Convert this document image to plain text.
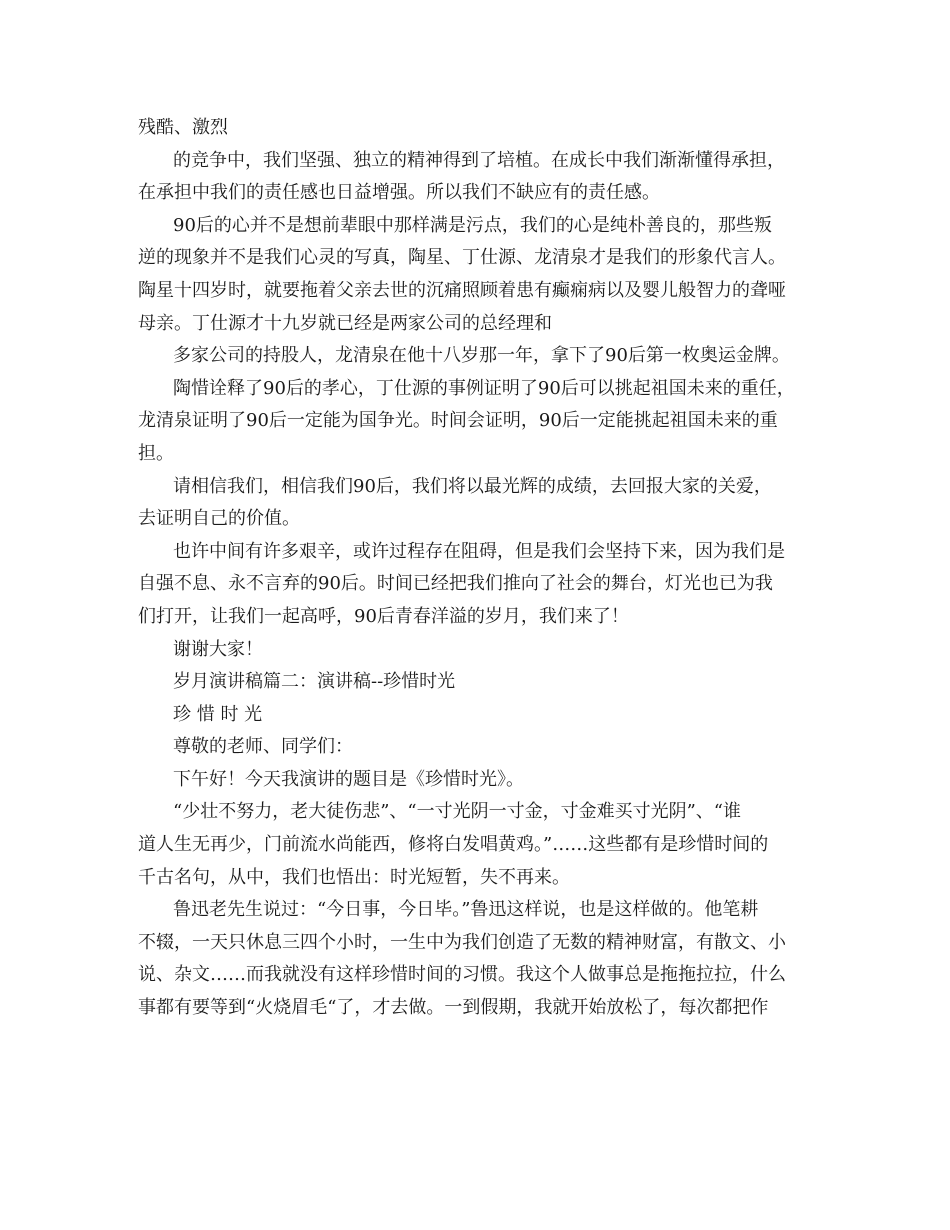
残酷、激烈
的竞争中，我们坚强、独立的精神得到了培植。在成长中我们渐渐懂得承担，
在承担中我们的责任感也日益增强。所以我们不缺应有的责任感。
90后的心并不是想前辈眼中那样满是污点，我们的心是纯朴善良的，那些叛
逆的现象并不是我们心灵的写真，陶星、丁仕源、龙清泉才是我们的形象代言人。
陶星十四岁时，就要拖着父亲去世的沉痛照顾着患有癫痫病以及婴儿般智力的聋哑
母亲。丁仕源才十九岁就已经是两家公司的总经理和
多家公司的持股人，龙清泉在他十八岁那一年，拿下了90后第一枚奥运金牌。
陶惜诠释了90后的孝心，丁仕源的事例证明了90后可以挑起祖国未来的重任，
龙清泉证明了90后一定能为国争光。时间会证明，90后一定能挑起祖国未来的重
担。
请相信我们，相信我们90后，我们将以最光辉的成绩，去回报大家的关爱，
去证明自己的价值。
也许中间有许多艰辛，或许过程存在阻碍，但是我们会坚持下来，因为我们是
自强不息、永不言弃的90后。时间已经把我们推向了社会的舞台，灯光也已为我
们打开，让我们一起高呼，90后青春洋溢的岁月，我们来了！
谢谢大家！
岁月演讲稿篇二：演讲稿--珍惜时光
珍 惜 时 光
尊敬的老师、同学们：
下午好！今天我演讲的题目是《珍惜时光》。
“少壮不努力，老大徒伤悲”、“一寸光阴一寸金，寸金难买寸光阴”、“谁
道人生无再少，门前流水尚能西，修将白发唱黄鸡。”……这些都有是珍惜时间的
千古名句，从中，我们也悟出：时光短暂，失不再来。
鲁迅老先生说过：“今日事，今日毕。”鲁迅这样说，也是这样做的。他笔耕
不辍，一天只休息三四个小时，一生中为我们创造了无数的精神财富，有散文、小
说、杂文……而我就没有这样珍惜时间的习惯。我这个人做事总是拖拖拉拉，什么
事都有要等到“火烧眉毛“了，才去做。一到假期，我就开始放松了，每次都把作
